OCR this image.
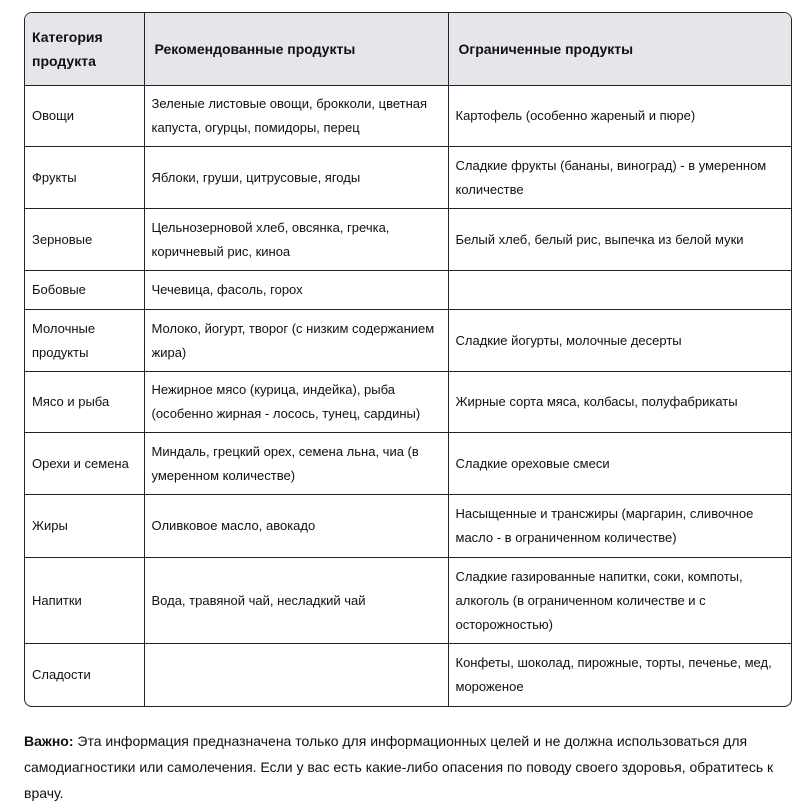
Категория продукта	Рекомендованные продукты	Ограниченные продукты
Овощи	Зеленые листовые овощи, брокколи, цветная капуста, огурцы, помидоры, перец	Картофель (особенно жареный и пюре)
Фрукты	Яблоки, груши, цитрусовые, ягоды	Сладкие фрукты (бананы, виноград) - в умеренном количестве
Зерновые	Цельнозерновой хлеб, овсянка, гречка, коричневый рис, киноа	Белый хлеб, белый рис, выпечка из белой муки
Бобовые	Чечевица, фасоль, горох	
Молочные продукты	Молоко, йогурт, творог (с низким содержанием жира)	Сладкие йогурты, молочные десерты
Мясо и рыба	Нежирное мясо (курица, индейка), рыба (особенно жирная - лосось, тунец, сардины)	Жирные сорта мяса, колбасы, полуфабрикаты
Орехи и семена	Миндаль, грецкий орех, семена льна, чиа (в умеренном количестве)	Сладкие ореховые смеси
Жиры	Оливковое масло, авокадо	Насыщенные и трансжиры (маргарин, сливочное масло - в ограниченном количестве)
Напитки	Вода, травяной чай, несладкий чай	Сладкие газированные напитки, соки, компоты, алкоголь (в ограниченном количестве и с осторожностью)
Сладости		Конфеты, шоколад, пирожные, торты, печенье, мед, мороженое

Важно: Эта информация предназначена только для информационных целей и не должна использоваться для самодиагностики или самолечения. Если у вас есть какие-либо опасения по поводу своего здоровья, обратитесь к врачу.
